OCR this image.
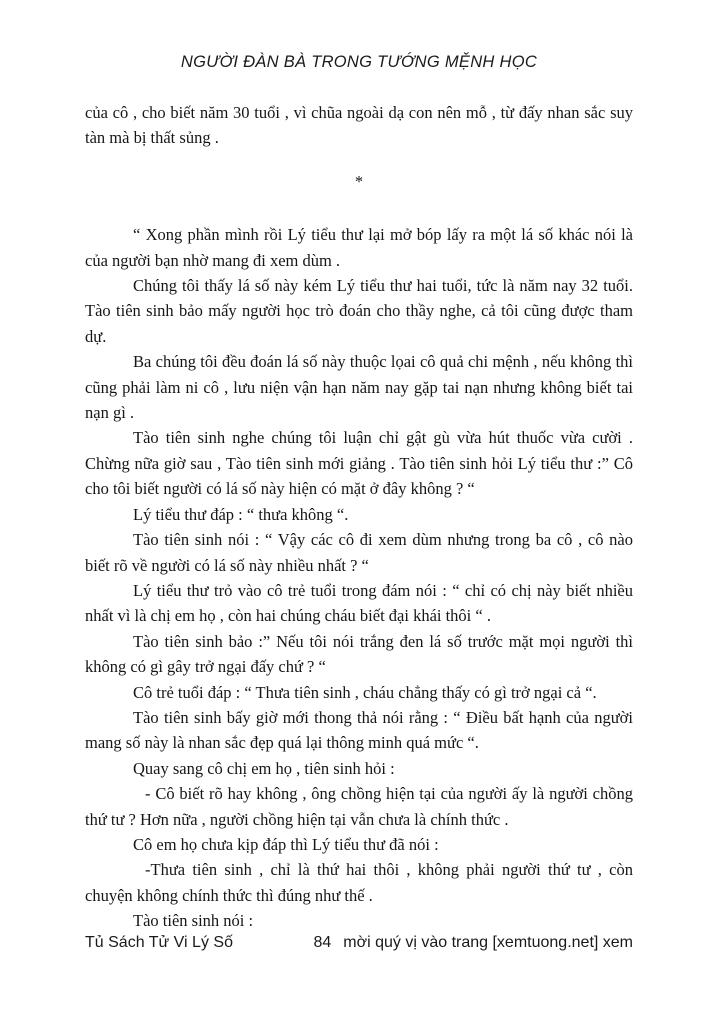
NGƯỜI ĐÀN BÀ TRONG TƯỚNG MỆNH HỌC

của cô , cho biết năm 30 tuổi , vì chũa ngoài dạ con nên mỗ , từ đấy nhan sắc suy tàn mà bị thất sủng .

*

“ Xong phần mình rồi Lý tiểu thư lại mở bóp lấy ra một lá số khác nói là của người bạn nhờ mang đi xem dùm .

Chúng tôi thấy lá số này kém Lý tiểu thư hai tuổi, tức là năm nay 32 tuổi. Tào tiên sinh bảo mấy người học trò đoán cho thầy nghe, cả tôi cũng được tham dự.

Ba chúng tôi đều đoán lá số này thuộc lọai cô quả chi mệnh , nếu không thì cũng phải làm ni cô , lưu niện vận hạn năm nay gặp tai nạn nhưng không biết tai nạn gì .

Tào tiên sinh nghe chúng tôi luận chỉ gật gù vừa hút thuốc vừa cười . Chừng nữa giờ sau , Tào tiên sinh mới giảng . Tào tiên sinh hỏi Lý tiểu thư :” Cô cho tôi biết người có lá số này hiện có mặt ở đây không ? “

Lý tiểu thư đáp : “ thưa không “.

Tào tiên sinh nói : “ Vậy các cô đi xem dùm nhưng trong ba cô , cô nào biết rõ về người có lá số này nhiều nhất ? “

Lý tiểu thư trỏ vào cô trẻ tuổi trong đám nói : “ chỉ có chị này biết nhiều nhất vì là chị em họ , còn hai chúng cháu biết đại khái thôi “ .

Tào tiên sinh bảo :” Nếu tôi nói trắng đen lá số trước mặt mọi người thì không có gì gây trở ngại đấy chứ ? “

Cô trẻ tuổi đáp : “ Thưa tiên sinh , cháu chẳng thấy có gì trở ngại cả “.

Tào tiên sinh bấy giờ mới thong thả nói rằng : “ Điều bất hạnh của người mang số này là nhan sắc đẹp quá lại thông minh quá mức “.

Quay sang cô chị em họ , tiên sinh hỏi :

- Cô biết rõ hay không , ông chồng hiện tại của người ấy là người chồng thứ tư ? Hơn nữa , người chồng hiện tại vẫn chưa là chính thức .

Cô em họ chưa kịp đáp thì Lý tiểu thư đã nói :

-Thưa tiên sinh , chỉ là thứ hai thôi , không phải người thứ tư , còn chuyện không chính thức thì đúng như thế .

Tào tiên sinh nói :

Tủ Sách Tử Vi Lý Số	84 mời quý vị vào trang [xemtuong.net] xem
